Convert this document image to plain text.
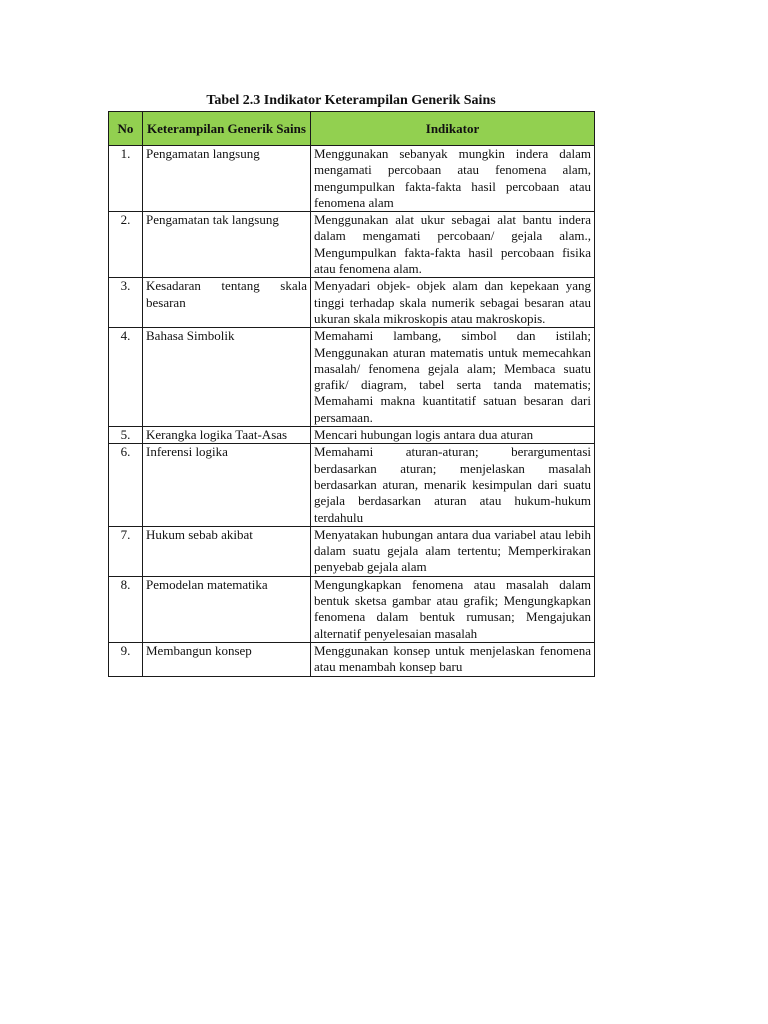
Tabel 2.3 Indikator Keterampilan Generik Sains
No	Keterampilan Generik Sains	Indikator
1.	Pengamatan langsung	Menggunakan sebanyak mungkin indera dalam mengamati percobaan atau fenomena alam, mengumpulkan fakta-fakta hasil percobaan atau fenomena alam
2.	Pengamatan tak langsung	Menggunakan alat ukur sebagai alat bantu indera dalam mengamati percobaan/ gejala alam., Mengumpulkan fakta-fakta hasil percobaan fisika atau fenomena alam.
3.	Kesadaran tentang skala besaran	Menyadari objek- objek alam dan kepekaan yang tinggi terhadap skala numerik sebagai besaran atau ukuran skala mikroskopis atau makroskopis.
4.	Bahasa Simbolik	Memahami lambang, simbol dan istilah; Menggunakan aturan matematis untuk memecahkan masalah/ fenomena gejala alam; Membaca suatu grafik/ diagram, tabel serta tanda matematis; Memahami makna kuantitatif satuan besaran dari persamaan.
5.	Kerangka logika Taat-Asas	Mencari hubungan logis antara dua aturan
6.	Inferensi logika	Memahami aturan-aturan; berargumentasi berdasarkan aturan; menjelaskan masalah berdasarkan aturan, menarik kesimpulan dari suatu gejala berdasarkan aturan atau hukum-hukum terdahulu
7.	Hukum sebab akibat	Menyatakan hubungan antara dua variabel atau lebih dalam suatu gejala alam tertentu; Memperkirakan penyebab gejala alam
8.	Pemodelan matematika	Mengungkapkan fenomena atau masalah dalam bentuk sketsa gambar atau grafik; Mengungkapkan fenomena dalam bentuk rumusan; Mengajukan alternatif penyelesaian masalah
9.	Membangun konsep	Menggunakan konsep untuk menjelaskan fenomena atau menambah konsep baru
